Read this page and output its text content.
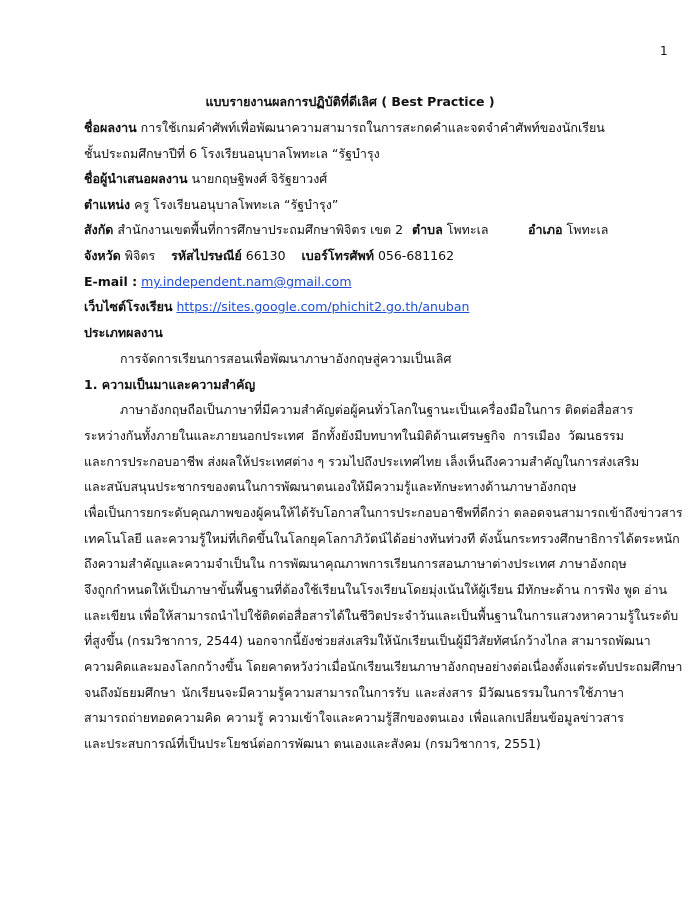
1
แบบรายงานผลการปฏิบัติที่ดีเลิศ ( Best Practice )
ชื่อผลงาน การใช้เกมคำศัพท์เพื่อพัฒนาความสามารถในการสะกดคำและจดจำคำศัพท์ของนักเรียน
ชั้นประถมศึกษาปีที่ 6 โรงเรียนอนุบาลโพทะเล “รัฐบำรุง
ชื่อผู้นำเสนอผลงาน นายกฤษฐิพงศ์ จิรัฐยาวงศ์
ตำแหน่ง ครู โรงเรียนอนุบาลโพทะเล “รัฐบำรุง”
สังกัด สำนักงานเขตพื้นที่การศึกษาประถมศึกษาพิจิตร เขต 2 ตำบล โพทะเล	อำเภอ โพทะเล
จังหวัด พิจิตร รหัสไปรษณีย์ 66130 เบอร์โทรศัพท์ 056-681162
E-mail : my.independent.nam@gmail.com
เว็บไซต์โรงเรียน https://sites.google.com/phichit2.go.th/anuban
ประเภทผลงาน
การจัดการเรียนการสอนเพื่อพัฒนาภาษาอังกฤษสู่ความเป็นเลิศ
1. ความเป็นมาและความสำคัญ
ภาษาอังกฤษถือเป็นภาษาที่มีความสำคัญต่อผู้คนทั่วโลกในฐานะเป็นเครื่องมือในการ ติดต่อสื่อสาร
ระหว่างกันทั้งภายในและภายนอกประเทศ อีกทั้งยังมีบทบาทในมิติด้านเศรษฐกิจ การเมือง วัฒนธรรม
และการประกอบอาชีพ ส่งผลให้ประเทศต่าง ๆ รวมไปถึงประเทศไทย เล็งเห็นถึงความสำคัญในการส่งเสริม
และสนับสนุนประชากรของตนในการพัฒนาตนเองให้มีความรู้และทักษะทางด้านภาษาอังกฤษ
เพื่อเป็นการยกระดับคุณภาพของผู้คนให้ได้รับโอกาสในการประกอบอาชีพที่ดีกว่า ตลอดจนสามารถเข้าถึงข่าวสาร
เทคโนโลยี และความรู้ใหม่ที่เกิดขึ้นในโลกยุคโลกาภิวัตน์ได้อย่างทันท่วงที ดังนั้นกระทรวงศึกษาธิการได้ตระหนัก
ถึงความสำคัญและความจำเป็นใน การพัฒนาคุณภาพการเรียนการสอนภาษาต่างประเทศ ภาษาอังกฤษ
จึงถูกกำหนดให้เป็นภาษาขั้นพื้นฐานที่ต้องใช้เรียนในโรงเรียนโดยมุ่งเน้นให้ผู้เรียน มีทักษะด้าน การฟัง พูด อ่าน
และเขียน เพื่อให้สามารถนำไปใช้ติดต่อสื่อสารได้ในชีวิตประจำวันและเป็นพื้นฐานในการแสวงหาความรู้ในระดับ
ที่สูงขึ้น (กรมวิชาการ, 2544) นอกจากนี้ยังช่วยส่งเสริมให้นักเรียนเป็นผู้มีวิสัยทัศน์กว้างไกล สามารถพัฒนา
ความคิดและมองโลกกว้างขึ้น โดยคาดหวังว่าเมื่อนักเรียนเรียนภาษาอังกฤษอย่างต่อเนื่องตั้งแต่ระดับประถมศึกษา
จนถึงมัธยมศึกษา นักเรียนจะมีความรู้ความสามารถในการรับ และส่งสาร มีวัฒนธรรมในการใช้ภาษา
สามารถถ่ายทอดความคิด ความรู้ ความเข้าใจและความรู้สึกของตนเอง เพื่อแลกเปลี่ยนข้อมูลข่าวสาร
และประสบการณ์ที่เป็นประโยชน์ต่อการพัฒนา ตนเองและสังคม (กรมวิชาการ, 2551)
